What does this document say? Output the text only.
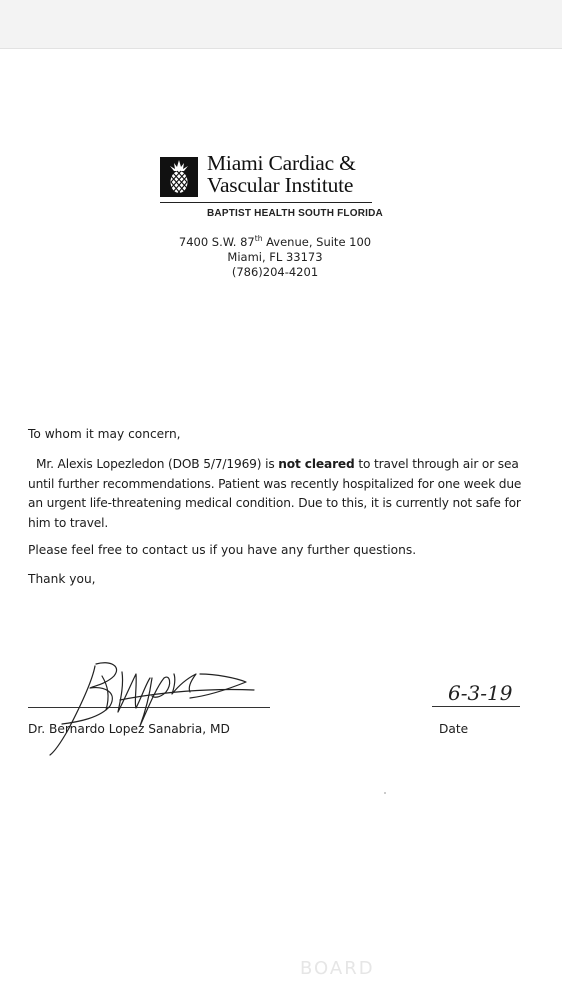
Miami Cardiac &
Vascular Institute
BAPTIST HEALTH SOUTH FLORIDA
7400 S.W. 87th Avenue, Suite 100
Miami, FL 33173
(786)204-4201
To whom it may concern,
Mr. Alexis Lopezledon (DOB 5/7/1969) is not cleared to travel through air or sea until further recommendations. Patient was recently hospitalized for one week due an urgent life-threatening medical condition. Due to this, it is currently not safe for him to travel.
Please feel free to contact us if you have any further questions.
Thank you,
Dr. Bernardo Lopez Sanabria, MD
6-3-19
Date
BOARD
